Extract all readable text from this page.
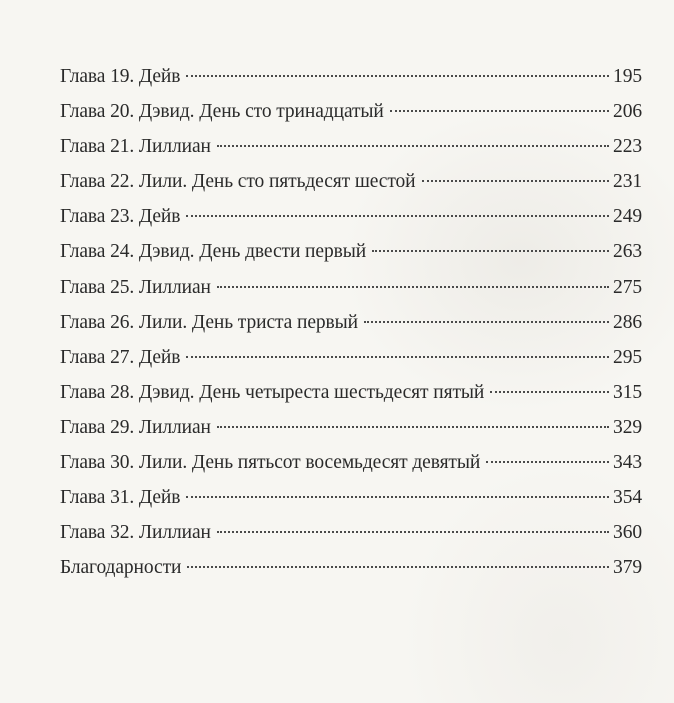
Глава 19. Дейв	195
Глава 20. Дэвид. День сто тринадцатый	206
Глава 21. Лиллиан	223
Глава 22. Лили. День сто пятьдесят шестой	231
Глава 23. Дейв	249
Глава 24. Дэвид. День двести первый	263
Глава 25. Лиллиан	275
Глава 26. Лили. День триста первый	286
Глава 27. Дейв	295
Глава 28. Дэвид. День четыреста шестьдесят пятый	315
Глава 29. Лиллиан	329
Глава 30. Лили. День пятьсот восемьдесят девятый	343
Глава 31. Дейв	354
Глава 32. Лиллиан	360
Благодарности	379
